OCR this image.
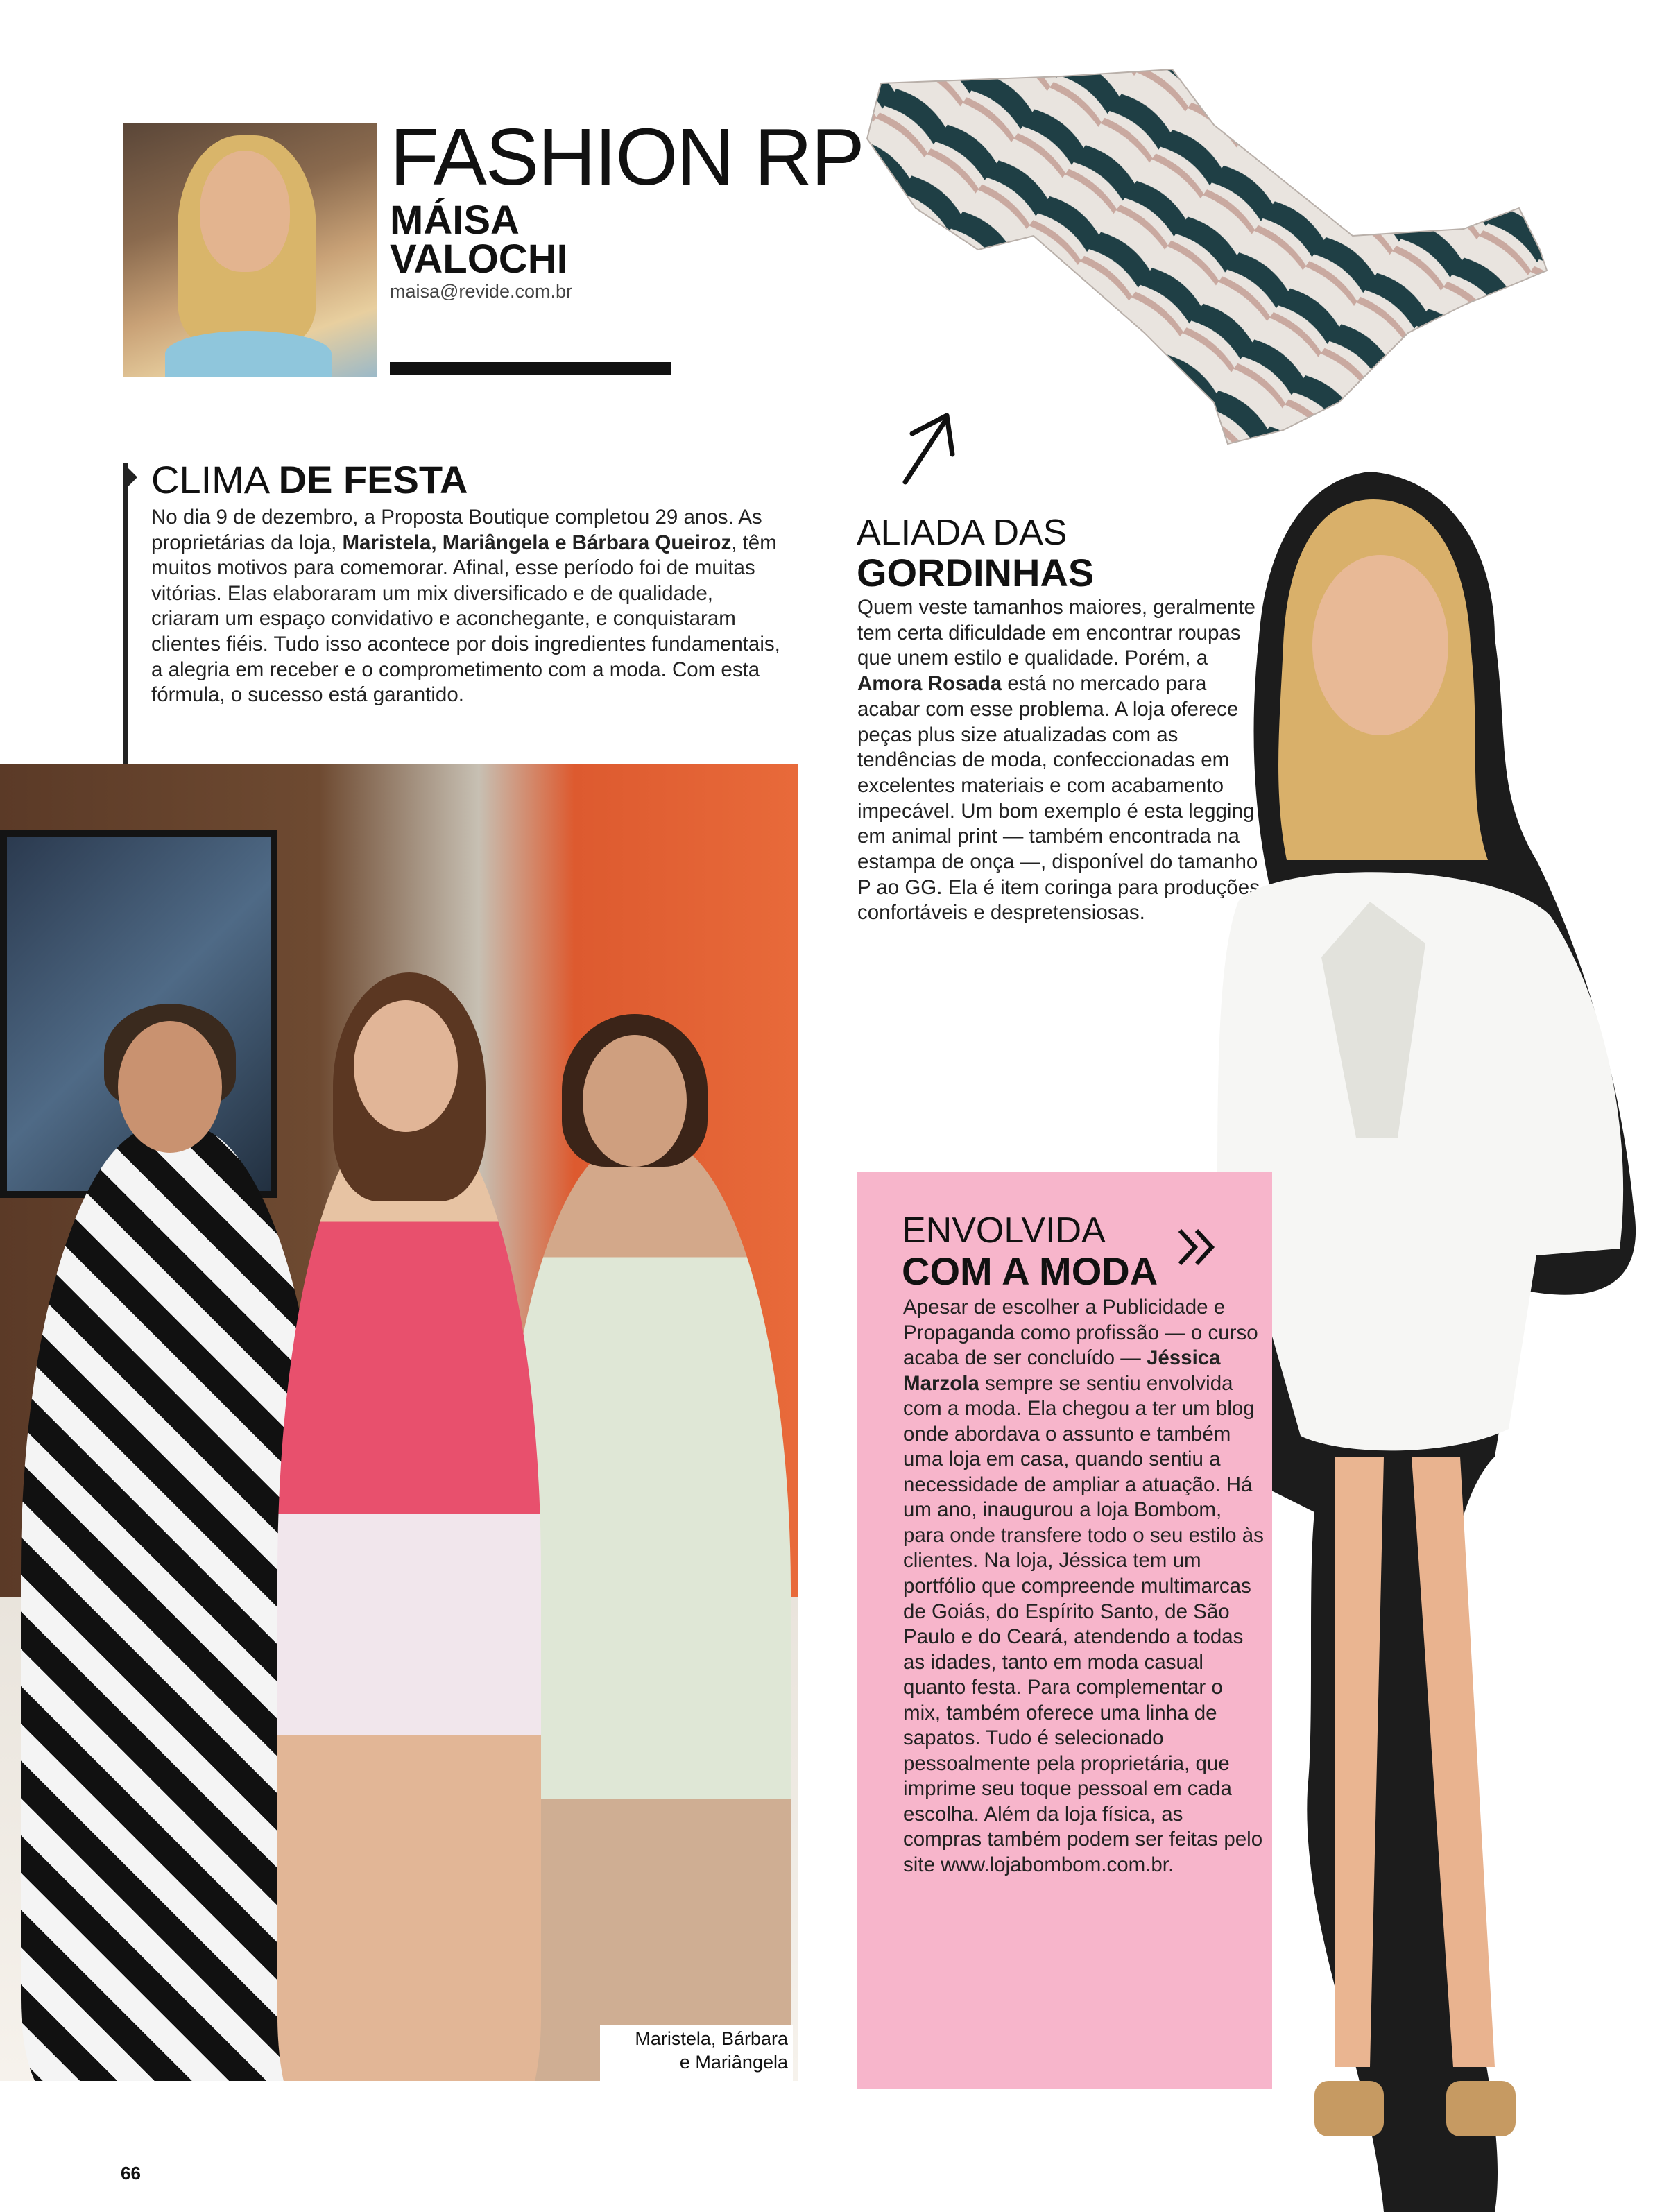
FASHION RP
MÁISA
VALOCHI
maisa@revide.com.br
CLIMA DE FESTA
No dia 9 de dezembro, a Proposta Boutique completou 29 anos. As proprietárias da loja, Maristela, Mariângela e Bárbara Queiroz, têm muitos motivos para comemorar. Afinal, esse período foi de muitas vitórias. Elas elaboraram um mix diversificado e de qualidade, criaram um espaço convidativo e aconchegante, e conquistaram clientes fiéis. Tudo isso acontece por dois ingredientes fundamentais, a alegria em receber e o comprometimento com a moda. Com esta fórmula, o sucesso está garantido.
Maristela, Bárbara
e Mariângela
ALIADA DAS
GORDINHAS
Quem veste tamanhos maiores, geralmente tem certa dificuldade em encontrar roupas que unem estilo e qualidade. Porém, a Amora Rosada está no mercado para acabar com esse problema. A loja oferece peças plus size atualizadas com as tendências de moda, confeccionadas em excelentes materiais e com acabamento impecável. Um bom exemplo é esta legging em animal print — também encontrada na estampa de onça —, disponível do tamanho P ao GG. Ela é item coringa para produções confortáveis e despretensiosas.
ENVOLVIDA
COM A MODA
Apesar de escolher a Publicidade e Propaganda como profissão — o curso acaba de ser concluído — Jéssica Marzola sempre se sentiu envolvida com a moda. Ela chegou a ter um blog onde abordava o assunto e também uma loja em casa, quando sentiu a necessidade de ampliar a atuação. Há um ano, inaugurou a loja Bombom, para onde transfere todo o seu estilo às clientes. Na loja, Jéssica tem um portfólio que compreende multimarcas de Goiás, do Espírito Santo, de São Paulo e do Ceará, atendendo a todas as idades, tanto em moda casual quanto festa. Para complementar o mix, também oferece uma linha de sapatos. Tudo é selecionado pessoalmente pela proprietária, que imprime seu toque pessoal em cada escolha. Além da loja física, as compras também podem ser feitas pelo site www.lojabombom.com.br.
66
